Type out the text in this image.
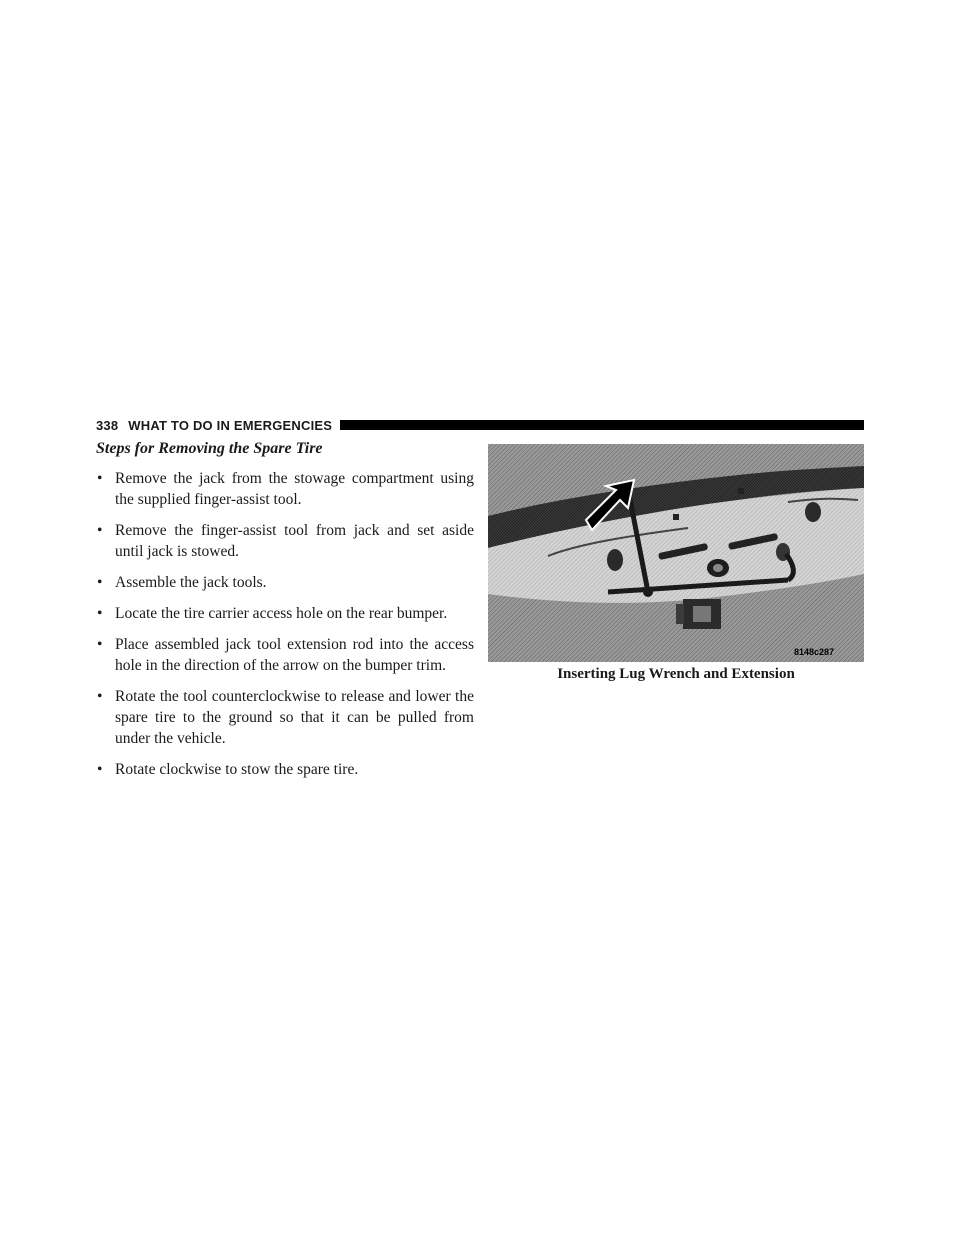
338 WHAT TO DO IN EMERGENCIES
Steps for Removing the Spare Tire
• Remove the jack from the stowage compartment using the supplied finger-assist tool.
• Remove the finger-assist tool from jack and set aside until jack is stowed.
• Assemble the jack tools.
• Locate the tire carrier access hole on the rear bumper.
• Place assembled jack tool extension rod into the access hole in the direction of the arrow on the bumper trim.
• Rotate the tool counterclockwise to release and lower the spare tire to the ground so that it can be pulled from under the vehicle.
• Rotate clockwise to stow the spare tire.
8148c287
Inserting Lug Wrench and Extension
